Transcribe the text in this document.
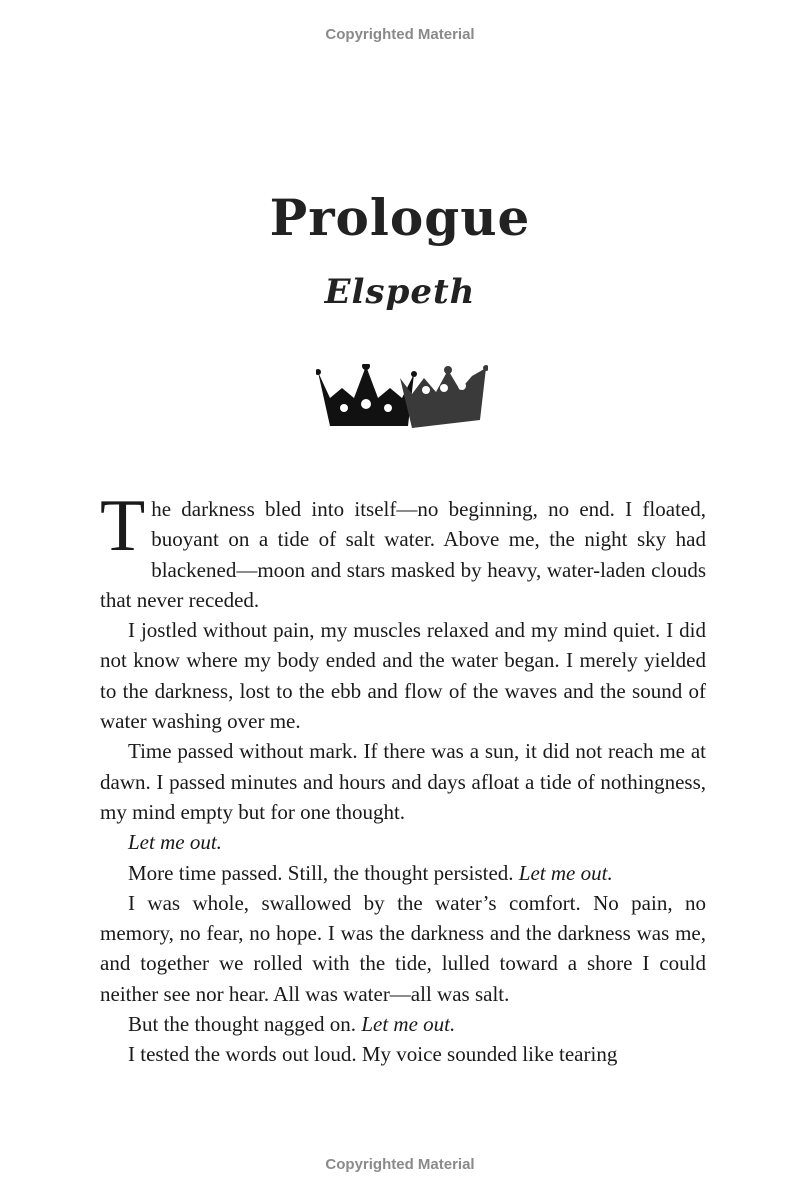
Copyrighted Material
Prologue
Elspeth

The darkness bled into itself—no beginning, no end. I floated, buoyant on a tide of salt water. Above me, the night sky had blackened—moon and stars masked by heavy, water-laden clouds that never receded.

I jostled without pain, my muscles relaxed and my mind quiet. I did not know where my body ended and the water began. I merely yielded to the darkness, lost to the ebb and flow of the waves and the sound of water washing over me.

Time passed without mark. If there was a sun, it did not reach me at dawn. I passed minutes and hours and days afloat a tide of nothingness, my mind empty but for one thought.

Let me out.

More time passed. Still, the thought persisted. Let me out.

I was whole, swallowed by the water’s comfort. No pain, no memory, no fear, no hope. I was the darkness and the darkness was me, and together we rolled with the tide, lulled toward a shore I could neither see nor hear. All was water—all was salt.

But the thought nagged on. Let me out.

I tested the words out loud. My voice sounded like tearing

Copyrighted Material
